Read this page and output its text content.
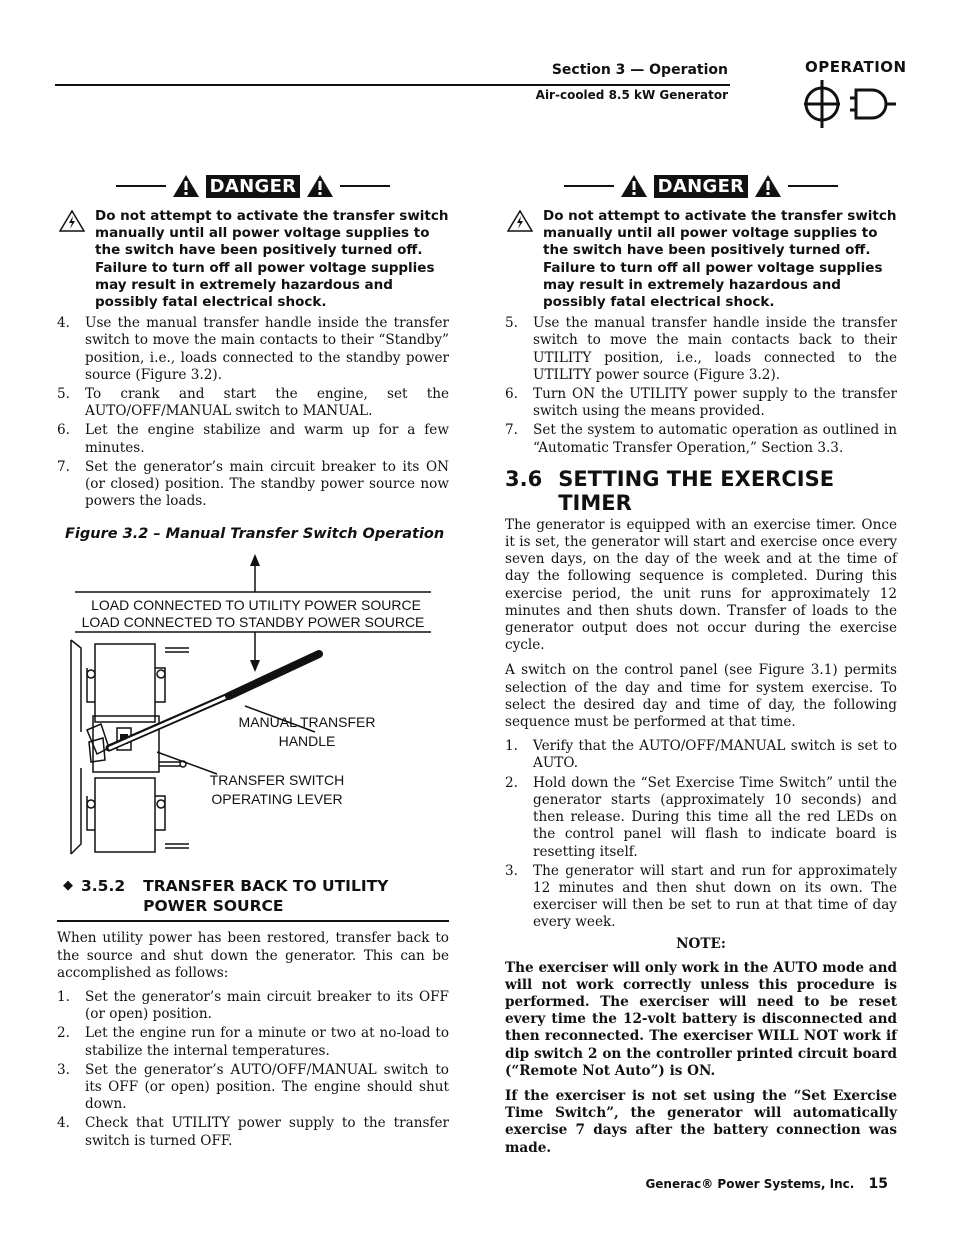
Section 3 — Operation
Air-cooled 8.5 kW Generator
OPERATION
DANGER
Do not attempt to activate the transfer switch manually until all power voltage supplies to the switch have been positively turned off. Failure to turn off all power voltage supplies may result in extremely hazardous and possibly fatal electrical shock.
4.	Use the manual transfer handle inside the transfer switch to move the main contacts to their “Standby” position, i.e., loads connected to the standby power source (Figure 3.2).
5.	To crank and start the engine, set the AUTO/OFF/MANUAL switch to MANUAL.
6.	Let the engine stabilize and warm up for a few minutes.
7.	Set the generator’s main circuit breaker to its ON (or closed) position. The standby power source now powers the loads.
Figure 3.2 – Manual Transfer Switch Operation
LOAD CONNECTED TO UTILITY POWER SOURCE
LOAD CONNECTED TO STANDBY POWER SOURCE
MANUAL TRANSFER
HANDLE
TRANSFER SWITCH
OPERATING LEVER
◆ 3.5.2 TRANSFER BACK TO UTILITY POWER SOURCE

When utility power has been restored, transfer back to the source and shut down the generator. This can be accomplished as follows:

1.	Set the generator’s main circuit breaker to its OFF (or open) position.
2.	Let the engine run for a minute or two at no-load to stabilize the internal temperatures.
3.	Set the generator’s AUTO/OFF/MANUAL switch to its OFF (or open) position. The engine should shut down.
4.	Check that UTILITY power supply to the transfer switch is turned OFF.
DANGER
Do not attempt to activate the transfer switch manually until all power voltage supplies to the switch have been positively turned off. Failure to turn off all power voltage supplies may result in extremely hazardous and possibly fatal electrical shock.
5.	Use the manual transfer handle inside the transfer switch to move the main contacts back to their UTILITY position, i.e., loads connected to the UTILITY power source (Figure 3.2).
6.	Turn ON the UTILITY power supply to the transfer switch using the means provided.
7.	Set the system to automatic operation as outlined in “Automatic Transfer Operation,” Section 3.3.
3.6 SETTING THE EXERCISE TIMER

The generator is equipped with an exercise timer. Once it is set, the generator will start and exercise once every seven days, on the day of the week and at the time of day the following sequence is completed. During this exercise period, the unit runs for approximately 12 minutes and then shuts down. Transfer of loads to the generator output does not occur during the exercise cycle.

A switch on the control panel (see Figure 3.1) permits selection of the day and time for system exercise. To select the desired day and time of day, the following sequence must be performed at that time.

1.	Verify that the AUTO/OFF/MANUAL switch is set to AUTO.
2.	Hold down the “Set Exercise Time Switch” until the generator starts (approximately 10 seconds) and then release. During this time all the red LEDs on the control panel will flash to indicate board is resetting itself.
3.	The generator will start and run for approximately 12 minutes and then shut down on its own. The exerciser will then be set to run at that time of day every week.
NOTE:

The exerciser will only work in the AUTO mode and will not work correctly unless this procedure is performed. The exerciser will need to be reset every time the 12-volt battery is disconnected and then reconnected. The exerciser WILL NOT work if dip switch 2 on the controller printed circuit board (“Remote Not Auto”) is ON.

If the exerciser is not set using the “Set Exercise Time Switch”, the generator will automatically exercise 7 days after the battery connection was made.

Generac® Power Systems, Inc. 15
